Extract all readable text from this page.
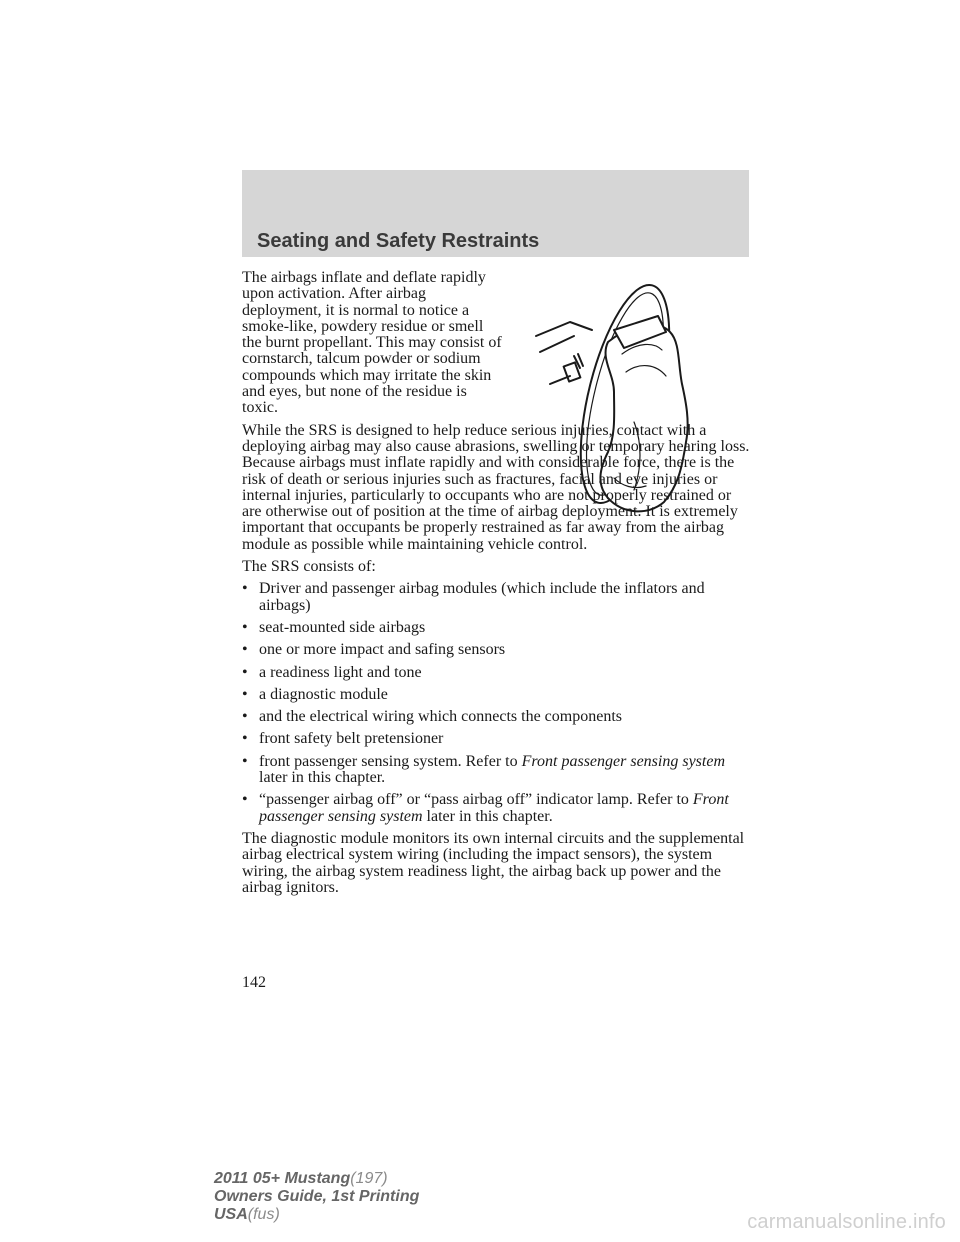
Seating and Safety Restraints

The airbags inflate and deflate rapidly upon activation. After airbag deployment, it is normal to notice a smoke-like, powdery residue or smell the burnt propellant. This may consist of cornstarch, talcum powder or sodium compounds which may irritate the skin and eyes, but none of the residue is toxic.

While the SRS is designed to help reduce serious injuries, contact with a deploying airbag may also cause abrasions, swelling or temporary hearing loss. Because airbags must inflate rapidly and with considerable force, there is the risk of death or serious injuries such as fractures, facial and eye injuries or internal injuries, particularly to occupants who are not properly restrained or are otherwise out of position at the time of airbag deployment. It is extremely important that occupants be properly restrained as far away from the airbag module as possible while maintaining vehicle control.

The SRS consists of:

• Driver and passenger airbag modules (which include the inflators and airbags)
• seat-mounted side airbags
• one or more impact and safing sensors
• a readiness light and tone
• a diagnostic module
• and the electrical wiring which connects the components
• front safety belt pretensioner
• front passenger sensing system. Refer to Front passenger sensing system later in this chapter.
• “passenger airbag off” or “pass airbag off” indicator lamp. Refer to Front passenger sensing system later in this chapter.

The diagnostic module monitors its own internal circuits and the supplemental airbag electrical system wiring (including the impact sensors), the system wiring, the airbag system readiness light, the airbag back up power and the airbag ignitors.

142
2011 05+ Mustang(197)
Owners Guide, 1st Printing
USA(fus)	carmanualsonline.info
